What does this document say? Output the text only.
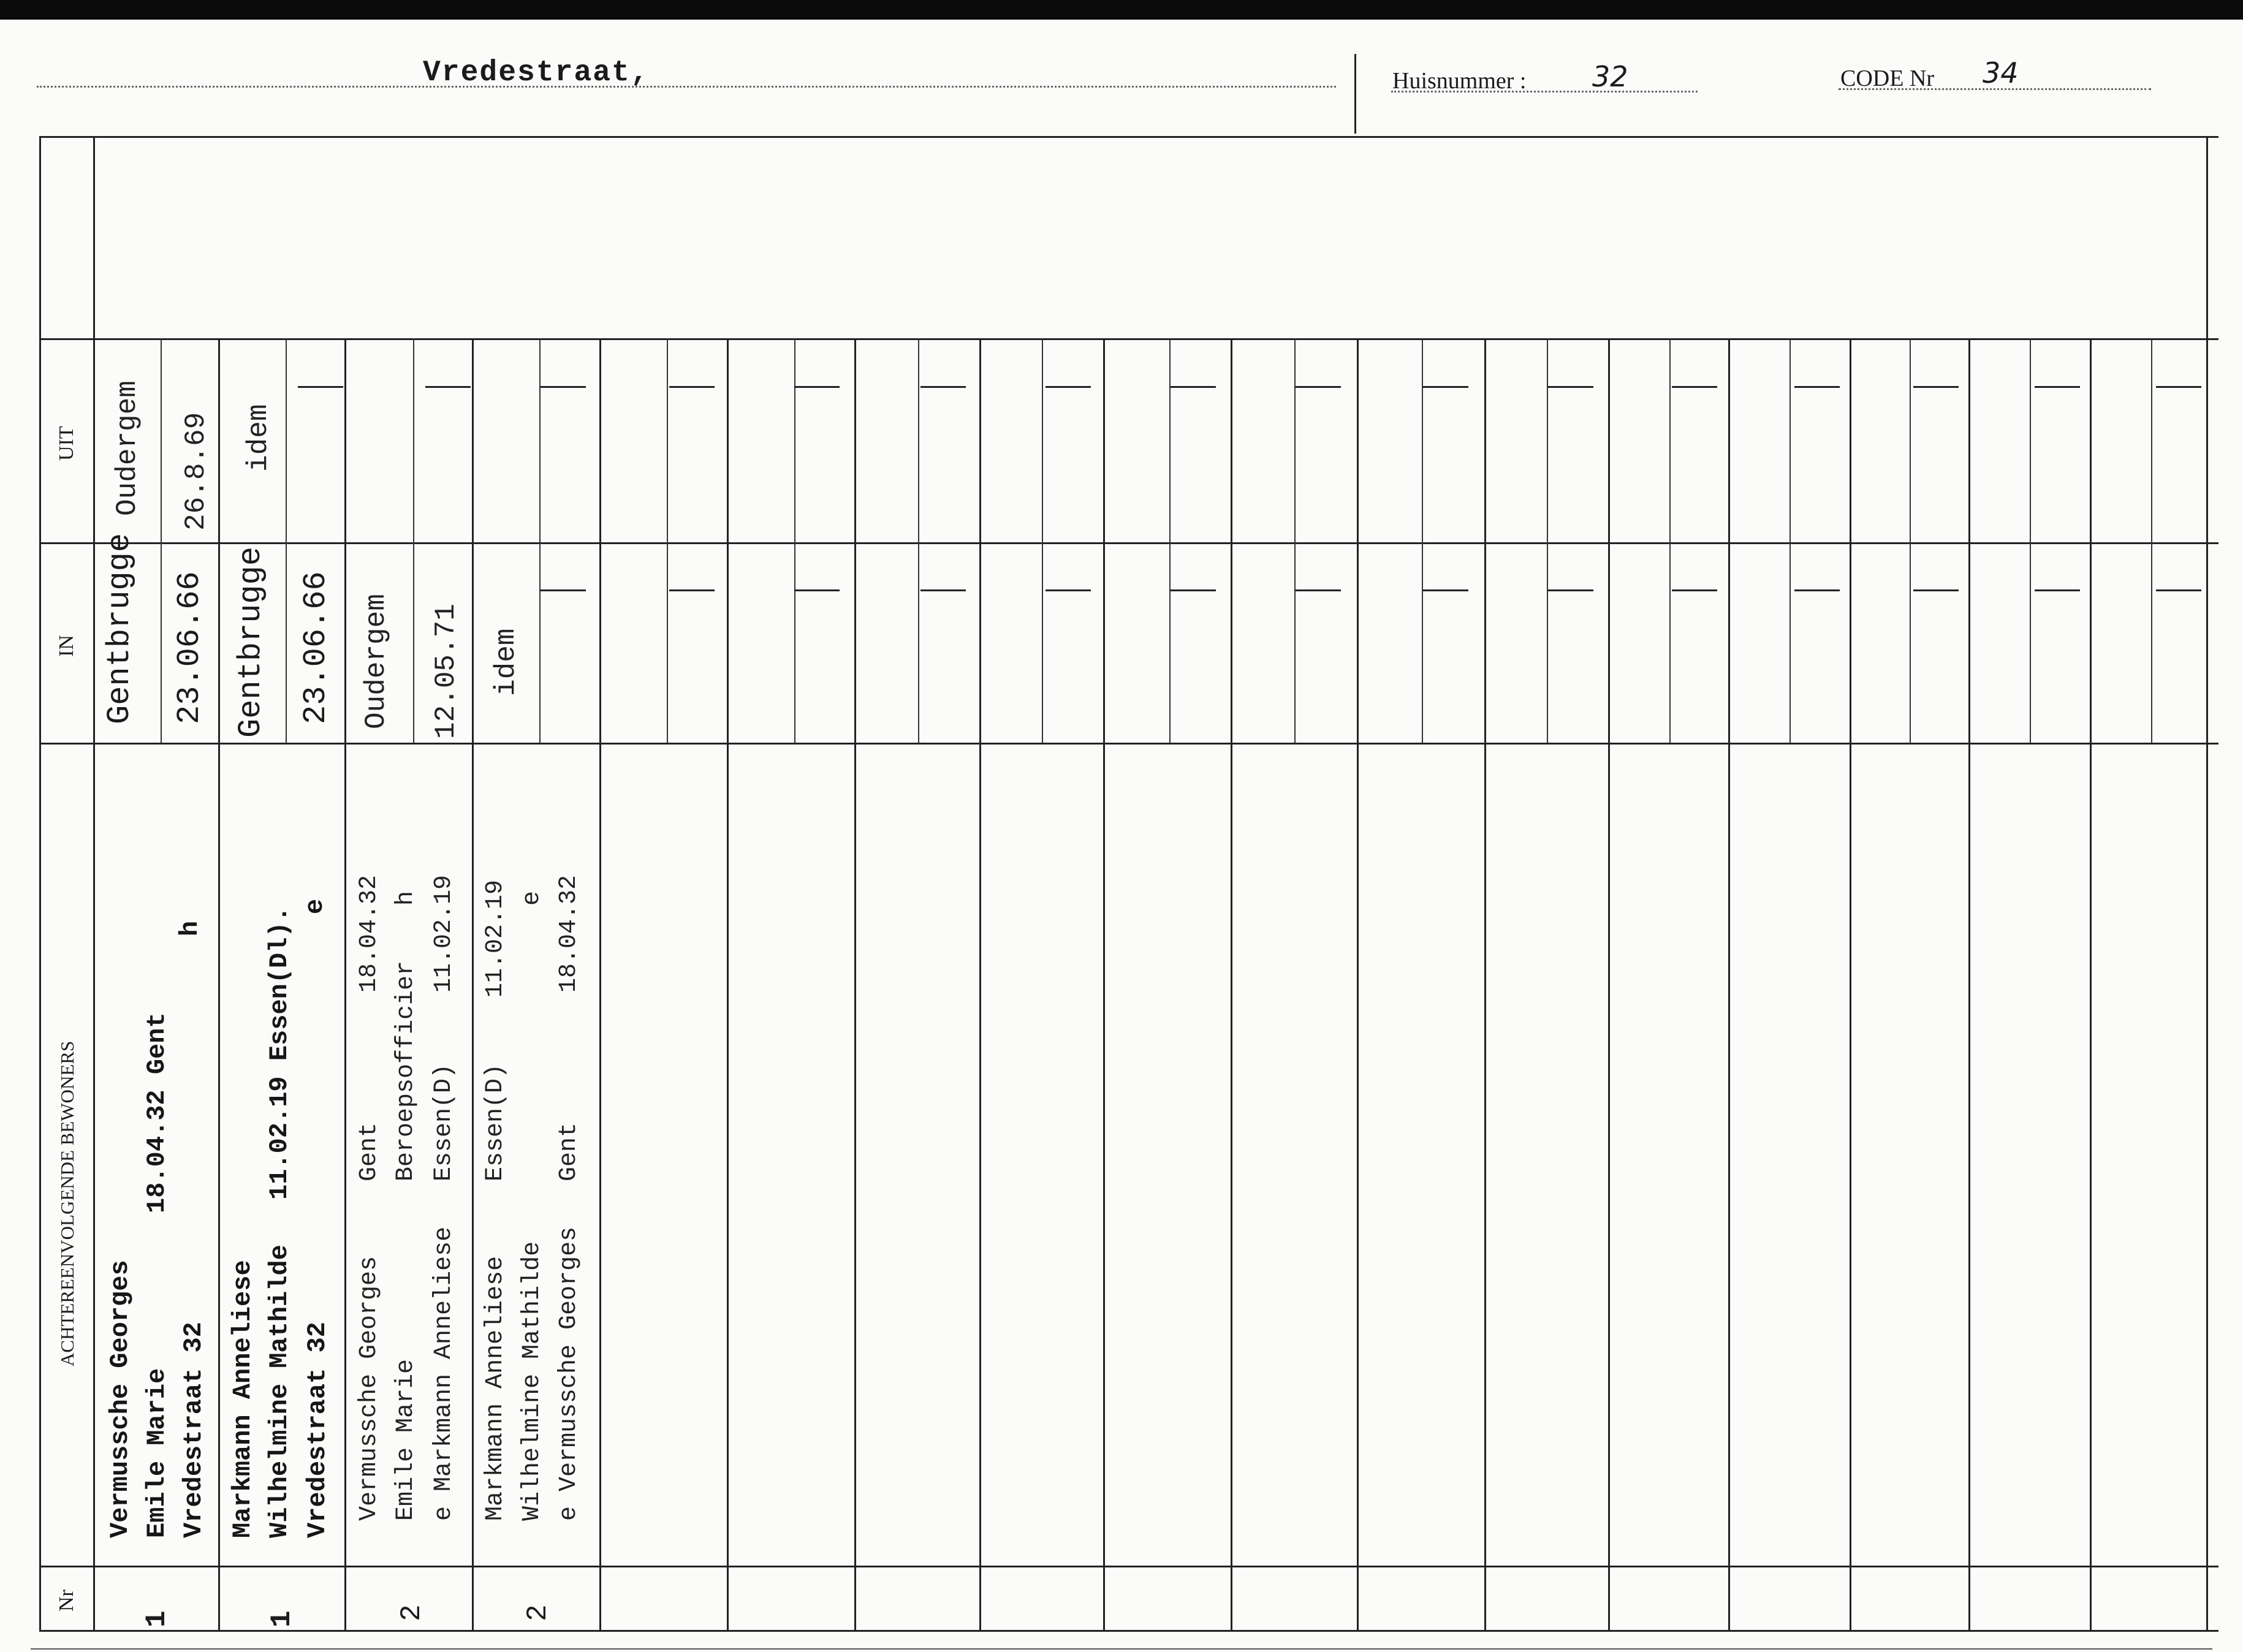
Vredestraat,	Huisnummer : 32	CODE Nr 34
UIT
IN
ACHTEREENVOLGENDE BEWONERS
Nr
1
Vermussche Georges Emile Marie Vredestraat 32
18.04.32 Gent
h
Gentbrugge 23.06.66
Oudergem 26.8.69
1
Markmann Anneliese Wilhelmine Mathilde Vredestraat 32
11.02.19 Essen(Dl). e
Gentbrugge 23.06.66
idem
2
Vermussche Georges Emile Marie e Markmann Anneliese
Gent Beroepsofficier Essen(D)
18.04.32 h 11.02.19
Oudergem 12.05.71
2
Markmann Anneliese Wilhelmine Mathilde e Vermussche Georges
Essen(D) Gent
11.02.19 e 18.04.32
idem
